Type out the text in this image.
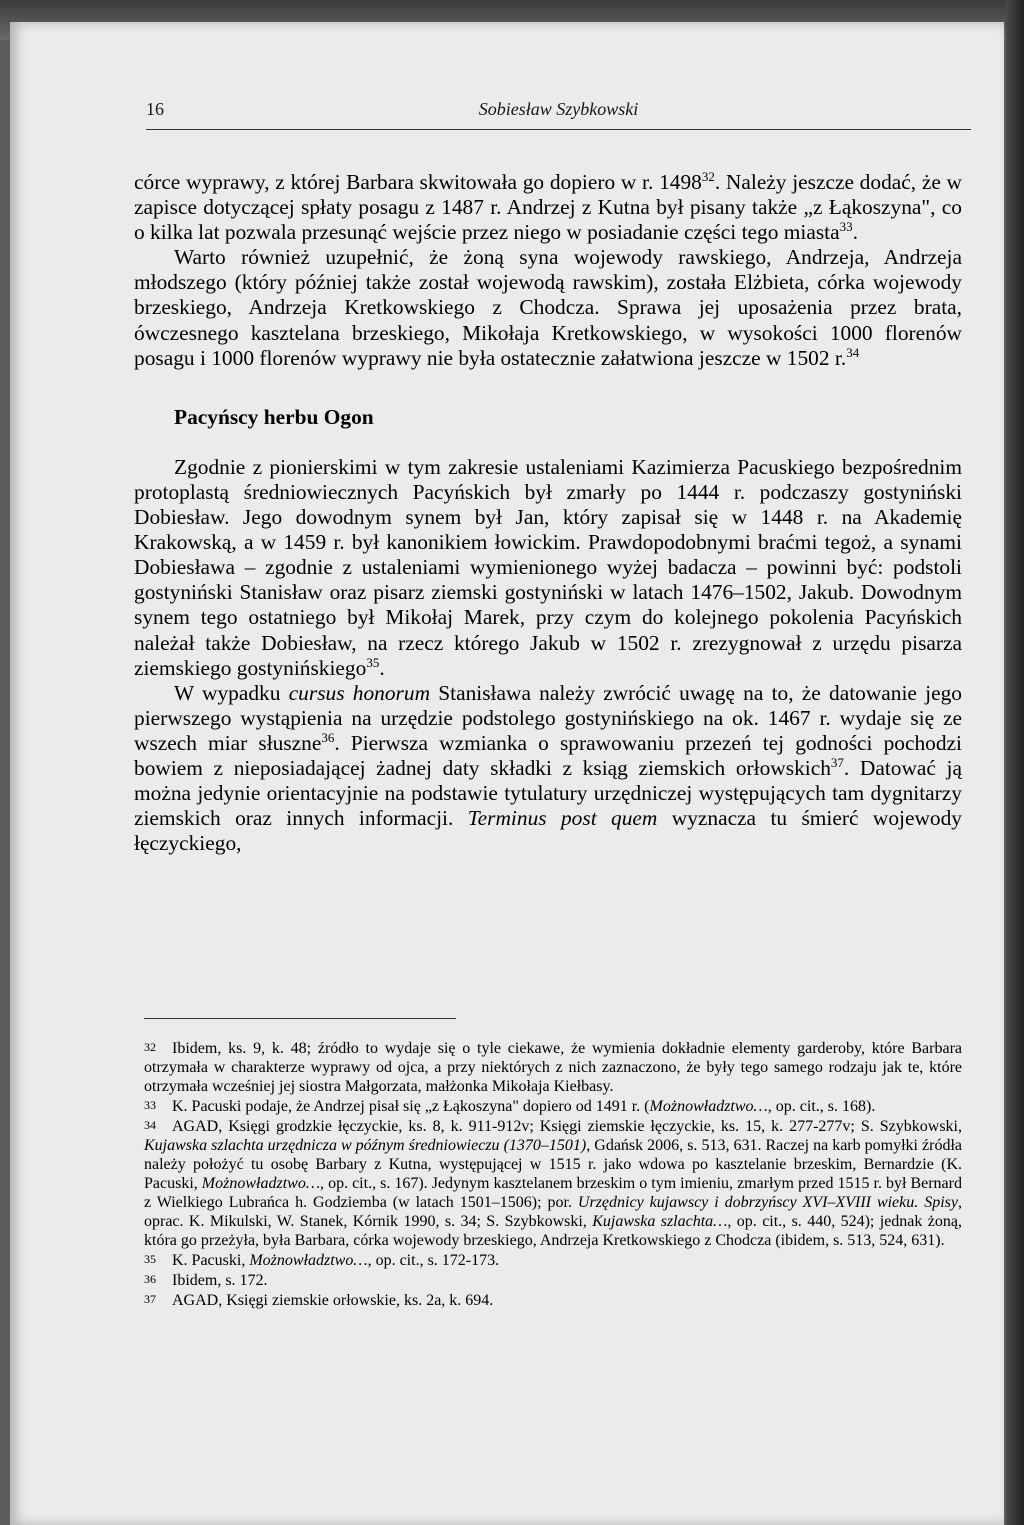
16	Sobiesław Szybkowski

córce wyprawy, z której Barbara skwitowała go dopiero w r. 1498$^{32}$. Należy jeszcze dodać, że w zapisce dotyczącej spłaty posagu z 1487 r. Andrzej z Kutna był pisany także „z Łąkoszyna", co o kilka lat pozwala przesunąć wejście przez niego w posiadanie części tego miasta$^{33}$.

Warto również uzupełnić, że żoną syna wojewody rawskiego, Andrzeja, Andrzeja młodszego (który później także został wojewodą rawskim), została Elżbieta, córka wojewody brzeskiego, Andrzeja Kretkowskiego z Chodcza. Sprawa jej uposażenia przez brata, ówczesnego kasztelana brzeskiego, Mikołaja Kretkowskiego, w wysokości 1000 florenów posagu i 1000 florenów wyprawy nie była ostatecznie załatwiona jeszcze w 1502 r.$^{34}$

Pacyńscy herbu Ogon

Zgodnie z pionierskimi w tym zakresie ustaleniami Kazimierza Pacuskiego bezpośrednim protoplastą średniowiecznych Pacyńskich był zmarły po 1444 r. podczaszy gostyniński Dobiesław. Jego dowodnym synem był Jan, który zapisał się w 1448 r. na Akademię Krakowską, a w 1459 r. był kanonikiem łowickim. Prawdopodobnymi braćmi tegoż, a synami Dobiesława – zgodnie z ustaleniami wymienionego wyżej badacza – powinni być: podstoli gostyniński Stanisław oraz pisarz ziemski gostyniński w latach 1476–1502, Jakub. Dowodnym synem tego ostatniego był Mikołaj Marek, przy czym do kolejnego pokolenia Pacyńskich należał także Dobiesław, na rzecz którego Jakub w 1502 r. zrezygnował z urzędu pisarza ziemskiego gostynińskiego$^{35}$.

W wypadku cursus honorum Stanisława należy zwrócić uwagę na to, że datowanie jego pierwszego wystąpienia na urzędzie podstolego gostynińskiego na ok. 1467 r. wydaje się ze wszech miar słuszne$^{36}$. Pierwsza wzmianka o sprawowaniu przezeń tej godności pochodzi bowiem z nieposiadającej żadnej daty składki z ksiąg ziemskich orłowskich$^{37}$. Datować ją można jedynie orientacyjnie na podstawie tytulatury urzędniczej występujących tam dygnitarzy ziemskich oraz innych informacji. Terminus post quem wyznacza tu śmierć wojewody łęczyckiego,

32 Ibidem, ks. 9, k. 48; źródło to wydaje się o tyle ciekawe, że wymienia dokładnie elementy garderoby, które Barbara otrzymała w charakterze wyprawy od ojca, a przy niektórych z nich zaznaczono, że były tego samego rodzaju jak te, które otrzymała wcześniej jej siostra Małgorzata, małżonka Mikołaja Kiełbasy.

33 K. Pacuski podaje, że Andrzej pisał się „z Łąkoszyna" dopiero od 1491 r. (Możnowładztwo…, op. cit., s. 168).

34 AGAD, Księgi grodzkie łęczyckie, ks. 8, k. 911-912v; Księgi ziemskie łęczyckie, ks. 15, k. 277-277v; S. Szybkowski, Kujawska szlachta urzędnicza w późnym średniowieczu (1370–1501), Gdańsk 2006, s. 513, 631. Raczej na karb pomyłki źródła należy położyć tu osobę Barbary z Kutna, występującej w 1515 r. jako wdowa po kasztelanie brzeskim, Bernardzie (K. Pacuski, Możnowładztwo…, op. cit., s. 167). Jedynym kasztelanem brzeskim o tym imieniu, zmarłym przed 1515 r. był Bernard z Wielkiego Lubrańca h. Godziemba (w latach 1501–1506); por. Urzędnicy kujawscy i dobrzyńscy XVI–XVIII wieku. Spisy, oprac. K. Mikulski, W. Stanek, Kórnik 1990, s. 34; S. Szybkowski, Kujawska szlachta…, op. cit., s. 440, 524); jednak żoną, która go przeżyła, była Barbara, córka wojewody brzeskiego, Andrzeja Kretkowskiego z Chodcza (ibidem, s. 513, 524, 631).

35 K. Pacuski, Możnowładztwo…, op. cit., s. 172-173.

36 Ibidem, s. 172.

37 AGAD, Księgi ziemskie orłowskie, ks. 2a, k. 694.
